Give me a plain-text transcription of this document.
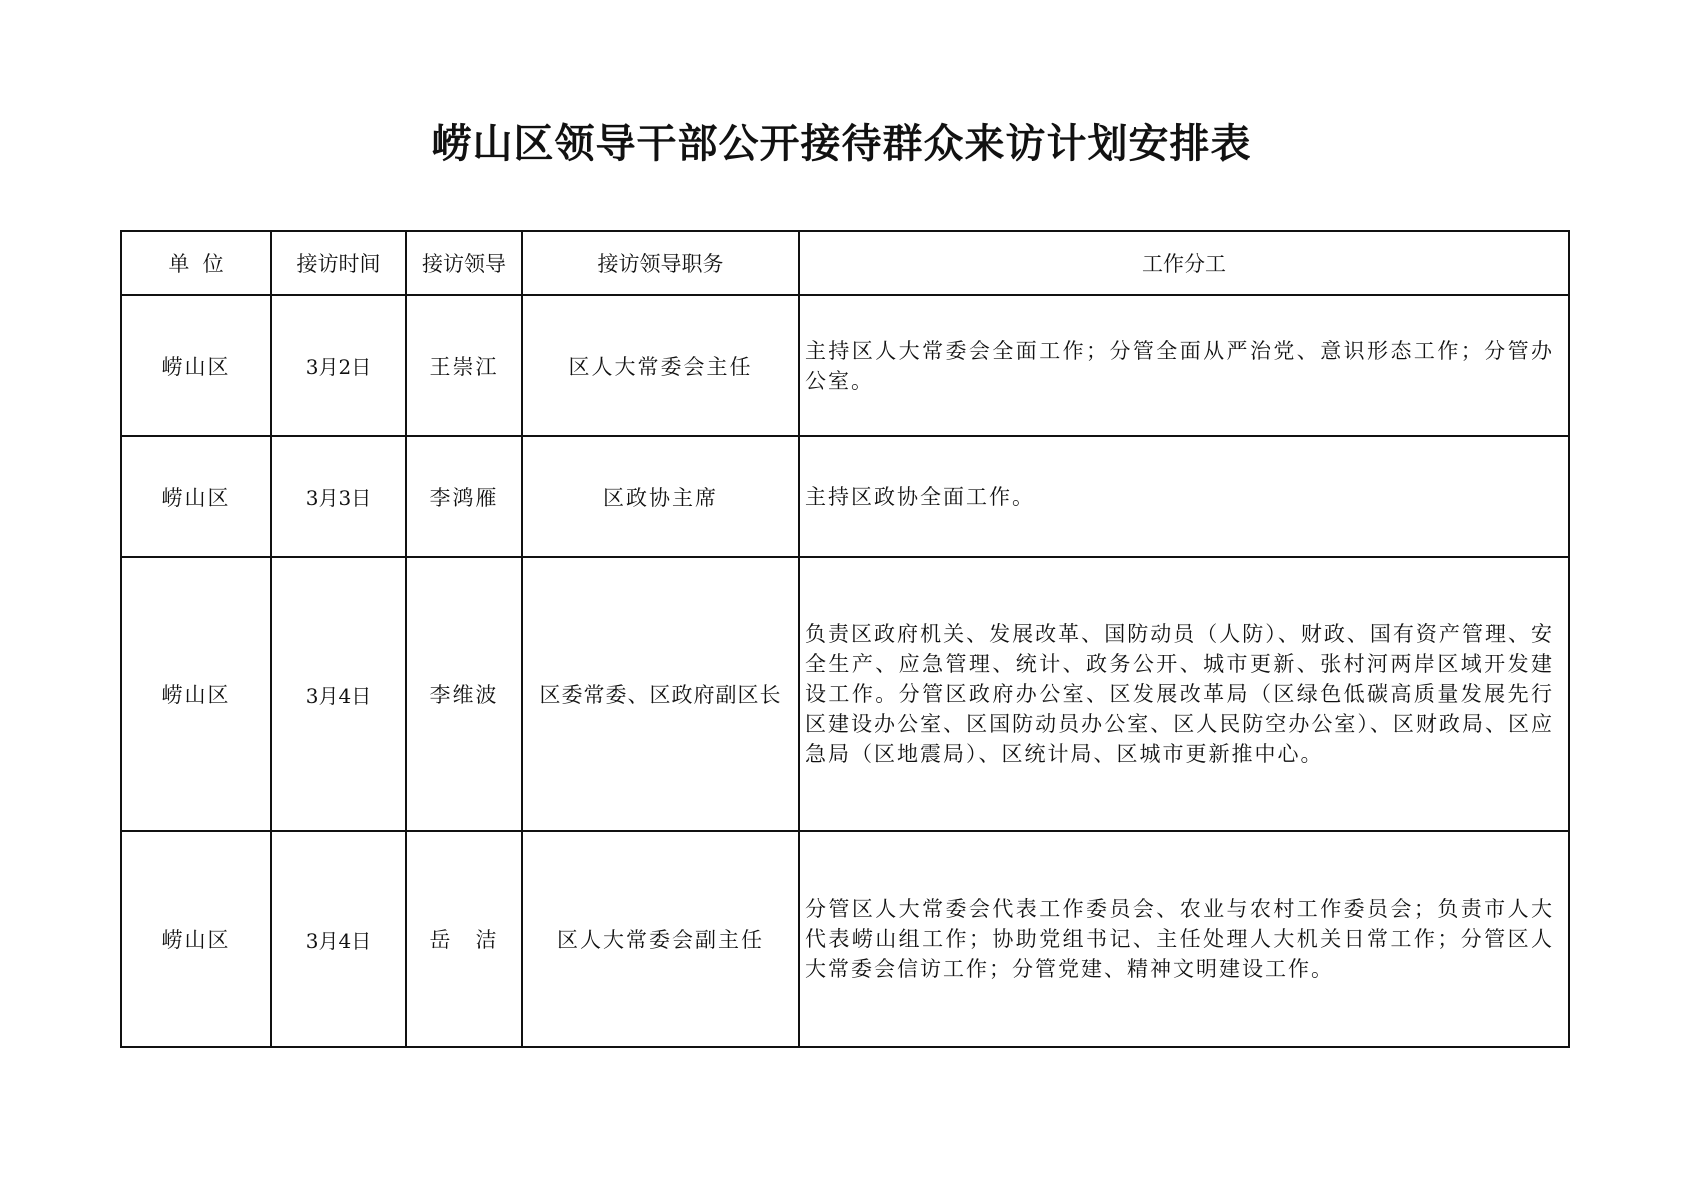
崂山区领导干部公开接待群众来访计划安排表
单  位	接访时间	接访领导	接访领导职务	工作分工
崂山区	3月2日	王崇江	区人大常委会主任	主持区人大常委会全面工作；分管全面从严治党、意识形态工作；分管办公室。
崂山区	3月3日	李鸿雁	区政协主席	主持区政协全面工作。
崂山区	3月4日	李维波	区委常委、区政府副区长	负责区政府机关、发展改革、国防动员（人防）、财政、国有资产管理、安全生产、应急管理、统计、政务公开、城市更新、张村河两岸区域开发建设工作。分管区政府办公室、区发展改革局（区绿色低碳高质量发展先行区建设办公室、区国防动员办公室、区人民防空办公室）、区财政局、区应急局（区地震局）、区统计局、区城市更新推中心。
崂山区	3月4日	岳　洁	区人大常委会副主任	分管区人大常委会代表工作委员会、农业与农村工作委员会；负责市人大代表崂山组工作；协助党组书记、主任处理人大机关日常工作；分管区人大常委会信访工作；分管党建、精神文明建设工作。
